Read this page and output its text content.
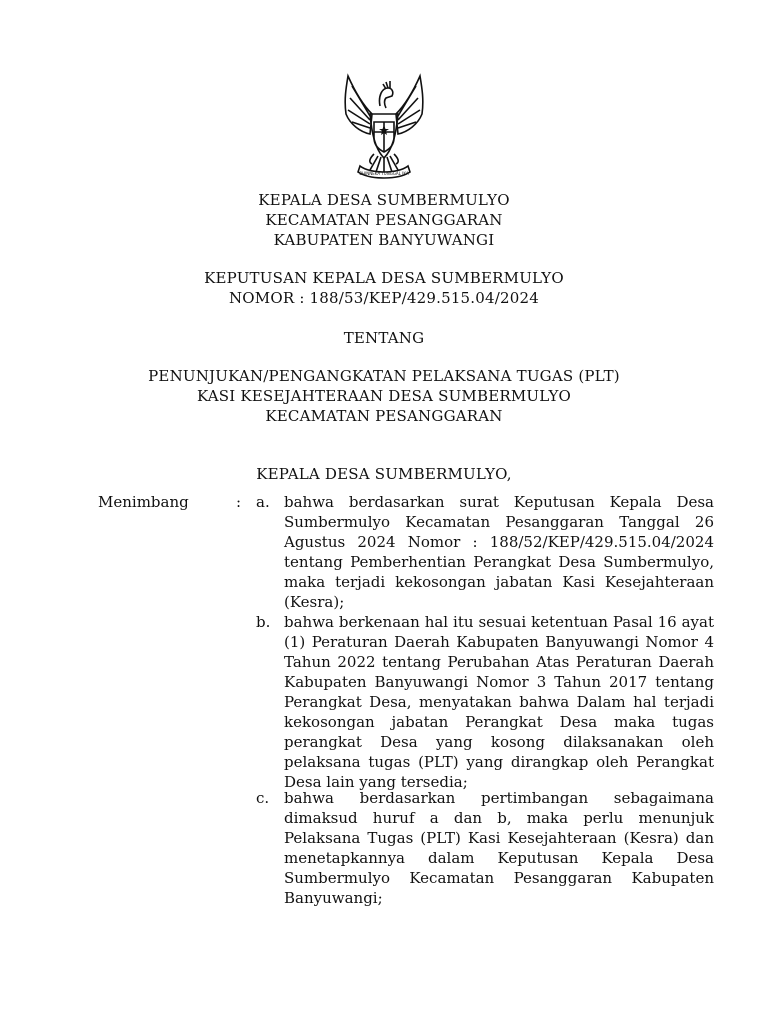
BHINNEKA TUNGGAL IKA
KEPALA DESA SUMBERMULYO
KECAMATAN PESANGGARAN
KABUPATEN BANYUWANGI
KEPUTUSAN KEPALA DESA SUMBERMULYO
NOMOR : 188/53/KEP/429.515.04/2024
TENTANG
PENUNJUKAN/PENGANGKATAN PELAKSANA TUGAS (PLT)
KASI KESEJAHTERAAN DESA SUMBERMULYO
KECAMATAN PESANGGARAN
KEPALA DESA SUMBERMULYO,
Menimbang	: a. bahwa berdasarkan surat Keputusan Kepala Desa Sumbermulyo Kecamatan Pesanggaran Tanggal 26 Agustus 2024 Nomor : 188/52/KEP/429.515.04/2024 tentang Pemberhentian Perangkat Desa Sumbermulyo, maka terjadi kekosongan jabatan Kasi Kesejahteraan (Kesra);
b. bahwa berkenaan hal itu sesuai ketentuan Pasal 16 ayat (1) Peraturan Daerah Kabupaten Banyuwangi Nomor 4 Tahun 2022 tentang Perubahan Atas Peraturan Daerah Kabupaten Banyuwangi Nomor 3 Tahun 2017 tentang Perangkat Desa, menyatakan bahwa Dalam hal terjadi kekosongan jabatan Perangkat Desa maka tugas perangkat Desa yang kosong dilaksanakan oleh pelaksana tugas (PLT) yang dirangkap oleh Perangkat Desa lain yang tersedia;
c. bahwa berdasarkan pertimbangan sebagaimana dimaksud huruf a dan b, maka perlu menunjuk Pelaksana Tugas (PLT) Kasi Kesejahteraan (Kesra) dan menetapkannya dalam Keputusan Kepala Desa Sumbermulyo Kecamatan Pesanggaran Kabupaten Banyuwangi;
